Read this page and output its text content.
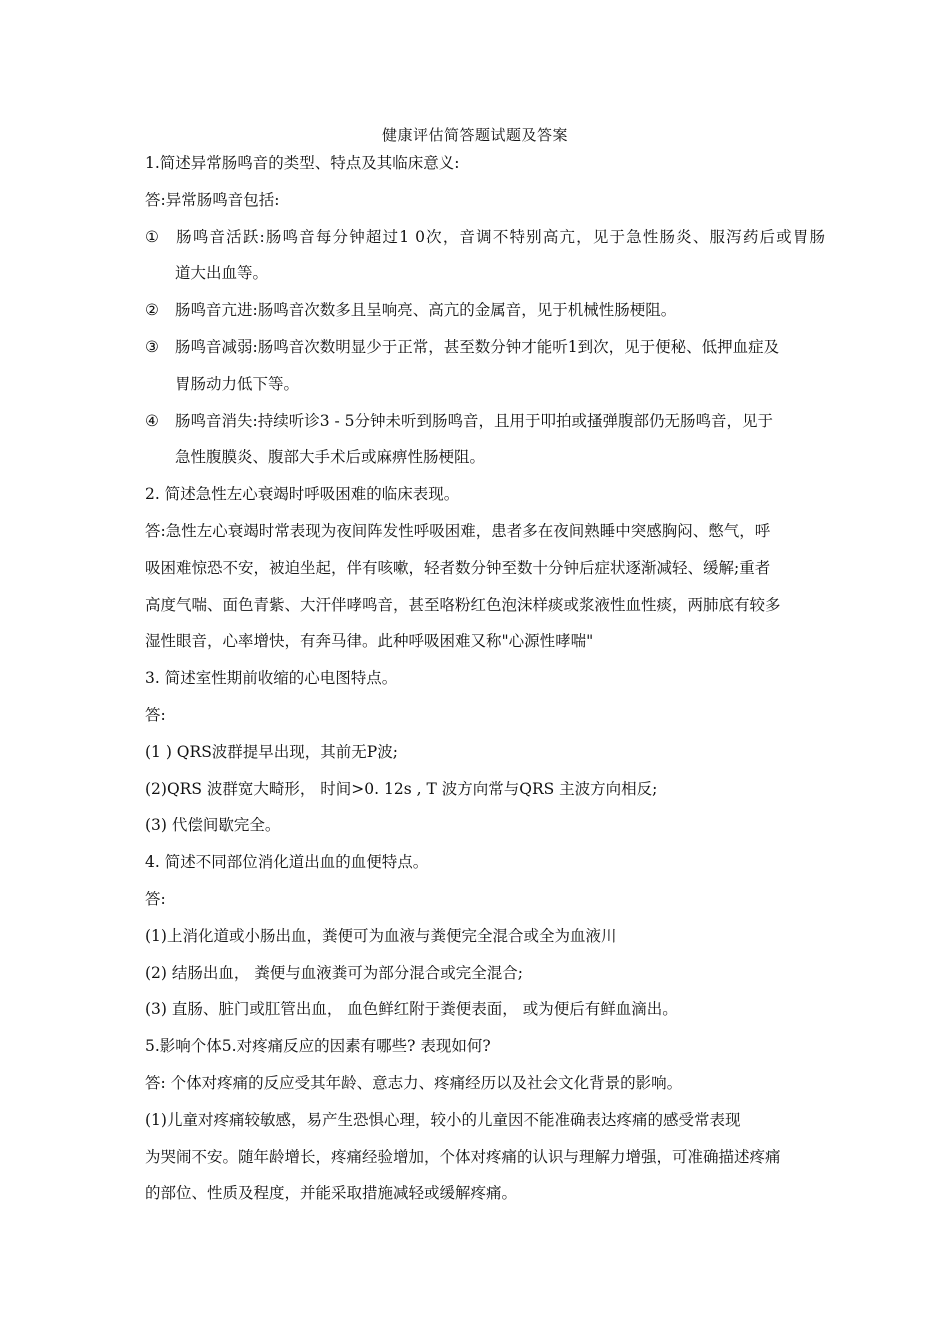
健康评估简答题试题及答案
1.简述异常肠鸣音的类型、特点及其临床意义:
答:异常肠鸣音包括:
① 肠鸣音活跃:肠鸣音每分钟超过1 0次，音调不特别高亢，见于急性肠炎、服泻药后或胃肠
道大出血等。
② 肠鸣音亢进:肠鸣音次数多且呈响亮、高亢的金属音，见于机械性肠梗阻。
③ 肠鸣音减弱:肠鸣音次数明显少于正常，甚至数分钟才能听1到次，见于便秘、低押血症及
胃肠动力低下等。
④ 肠鸣音消失:持续听诊3 - 5分钟未听到肠鸣音，且用于叩拍或搔弹腹部仍无肠鸣音，见于
急性腹膜炎、腹部大手术后或麻痹性肠梗阻。
2. 简述急性左心衰竭时呼吸困难的临床表现。
答:急性左心衰竭时常表现为夜间阵发性呼吸困难，患者多在夜间熟睡中突感胸闷、憋气，呼
吸困难惊恐不安，被迫坐起，伴有咳嗽，轻者数分钟至数十分钟后症状逐渐减轻、缓解;重者
高度气喘、面色青紫、大汗伴哮鸣音，甚至咯粉红色泡沫样痰或浆液性血性痰，两肺底有较多
湿性眼音，心率增快，有奔马律。此种呼吸困难又称"心源性哮喘"
3. 简述室性期前收缩的心电图特点。
答:
(1 ) QRS波群提早出现，其前无P波;
(2)QRS 波群宽大畸形， 时间>0. 12s , T 波方向常与QRS 主波方向相反;
(3) 代偿间歇完全。
4. 简述不同部位消化道出血的血便特点。
答:
(1)上消化道或小肠出血，粪便可为血液与粪便完全混合或全为血液川
(2) 结肠出血， 粪便与血液粪可为部分混合或完全混合;
(3) 直肠、脏门或肛管出血， 血色鲜红附于粪便表面， 或为便后有鲜血滴出。
5.影响个体5.对疼痛反应的因素有哪些? 表现如何?
答: 个体对疼痛的反应受其年龄、意志力、疼痛经历以及社会文化背景的影响。
(1)儿童对疼痛较敏感，易产生恐惧心理，较小的儿童因不能准确表达疼痛的感受常表现
为哭闹不安。随年龄增长，疼痛经验增加，个体对疼痛的认识与理解力增强，可准确描述疼痛
的部位、性质及程度，并能采取措施减轻或缓解疼痛。
